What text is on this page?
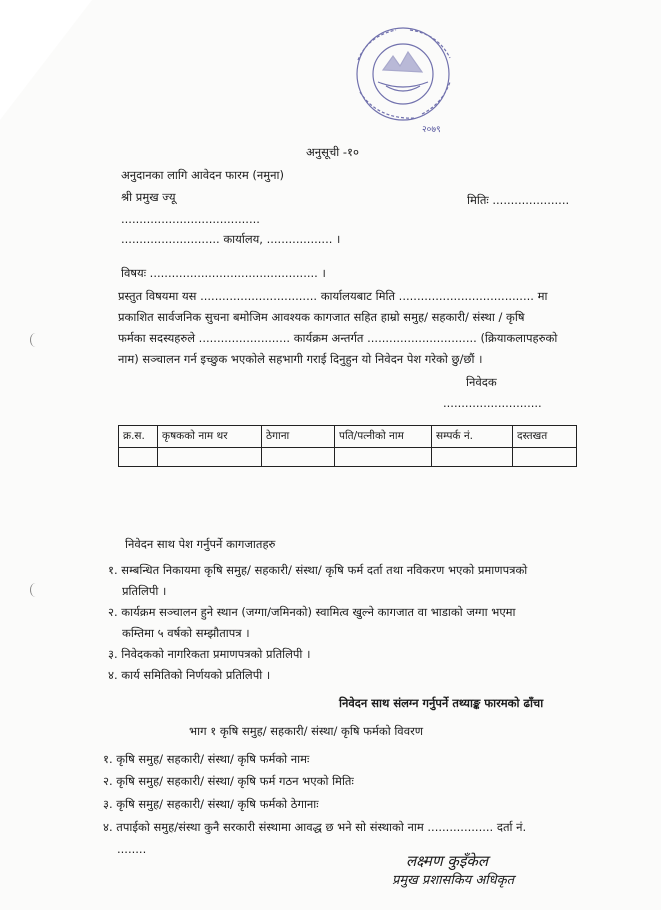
२०७९
अनुसूची -१०
अनुदानका लागि आवेदन फारम (नमुना)
श्री प्रमुख ज्यू	मितिः .....................
......................................
........................... कार्यालय, .................. ।
विषयः .............................................. ।
प्रस्तुत विषयमा यस ................................ कार्यालयबाट मिति ..................................... मा
प्रकाशित सार्वजनिक सुचना बमोजिम आवश्यक कागजात सहित हाम्रो समुह/ सहकारी/ संस्था / कृषि
फर्मका सदस्यहरुले ......................... कार्यक्रम अन्तर्गत .............................. (क्रियाकलापहरुको
नाम) सञ्चालन गर्न इच्छुक भएकोले सहभागी गराई दिनुहुन यो निवेदन पेश गरेको छु/छौं ।
निवेदक
...........................
क्र.स.	कृषकको नाम थर	ठेगाना	पति/पत्नीको नाम	सम्पर्क नं.	दस्तखत

निवेदन साथ पेश गर्नुपर्ने कागजातहरु
१. सम्बन्धित निकायमा कृषि समुह/ सहकारी/ संस्था/ कृषि फर्म दर्ता तथा नविकरण भएको प्रमाणपत्रको
प्रतिलिपी ।
२. कार्यक्रम सञ्चालन हुने स्थान (जग्गा/जमिनको) स्वामित्व खुल्ने कागजात वा भाडाको जग्गा भएमा
कम्तिमा ५ वर्षको सम्झौतापत्र ।
३. निवेदकको नागरिकता प्रमाणपत्रको प्रतिलिपी ।
४. कार्य समितिको निर्णयको प्रतिलिपी ।
निवेदन साथ संलग्न गर्नुपर्ने तथ्याङ्क फारमको ढाँचा
भाग १ कृषि समुह/ सहकारी/ संस्था/ कृषि फर्मको विवरण
१. कृषि समुह/ सहकारी/ संस्था/ कृषि फर्मको नामः
२. कृषि समुह/ सहकारी/ संस्था/ कृषि फर्म गठन भएको मितिः
३. कृषि समुह/ सहकारी/ संस्था/ कृषि फर्मको ठेगानाः
४. तपाईको समुह/संस्था कुनै सरकारी संस्थामा आवद्ध छ भने सो संस्थाको नाम .................. दर्ता नं.
........
लक्ष्मण कुइँकेल
प्रमुख प्रशासकिय अधिकृत
